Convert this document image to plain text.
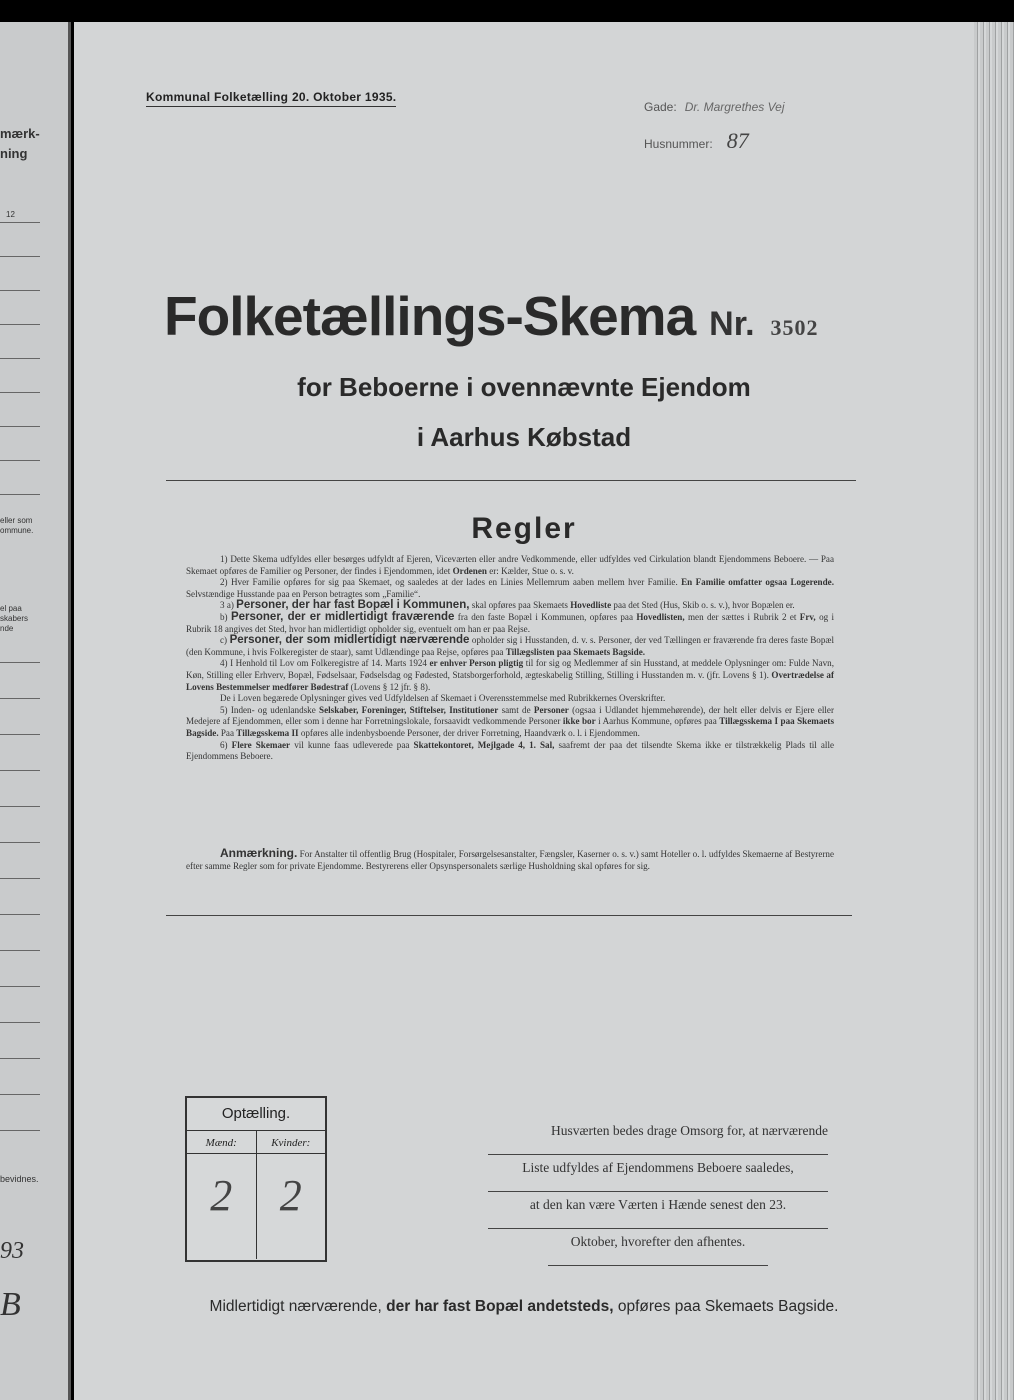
mærk-
ning
12
eller som
ommune.
el paa
skabers
nde
bevidnes.
93
B
Kommunal Folketælling 20. Oktober 1935.
Gade: Dr. Margrethes Vej
Husnummer: 87
Folketællings-Skema Nr. 3502
for Beboerne i ovennævnte Ejendom
i Aarhus Købstad
Regler

1) Dette Skema udfyldes eller besørges udfyldt af Ejeren, Viceværten eller andre Vedkommende, eller udfyldes ved Cirkulation blandt Ejendommens Beboere. — Paa Skemaet opføres de Familier og Personer, der findes i Ejendommen, idet Ordenen er: Kælder, Stue o. s. v.

2) Hver Familie opføres for sig paa Skemaet, og saaledes at der lades en Linies Mellemrum aaben mellem hver Familie. En Familie omfatter ogsaa Logerende. Selvstændige Husstande paa en Person betragtes som „Familie“.

3 a) Personer, der har fast Bopæl i Kommunen, skal opføres paa Skemaets Hovedliste paa det Sted (Hus, Skib o. s. v.), hvor Bopælen er.

b) Personer, der er midlertidigt fraværende fra den faste Bopæl i Kommunen, opføres paa Hovedlisten, men der sættes i Rubrik 2 et Frv, og i Rubrik 18 angives det Sted, hvor han midlertidigt opholder sig, eventuelt om han er paa Rejse.

c) Personer, der som midlertidigt nærværende opholder sig i Husstanden, d. v. s. Personer, der ved Tællingen er fraværende fra deres faste Bopæl (den Kommune, i hvis Folkeregister de staar), samt Udlændinge paa Rejse, opføres paa Tillægslisten paa Skemaets Bagside.

4) I Henhold til Lov om Folkeregistre af 14. Marts 1924 er enhver Person pligtig til for sig og Medlemmer af sin Husstand, at meddele Oplysninger om: Fulde Navn, Køn, Stilling eller Erhverv, Bopæl, Fødselsaar, Fødselsdag og Fødested, Statsborgerforhold, ægteskabelig Stilling, Stilling i Husstanden m. v. (jfr. Lovens § 1). Overtrædelse af Lovens Bestemmelser medfører Bødestraf (Lovens § 12 jfr. § 8).

De i Loven begærede Oplysninger gives ved Udfyldelsen af Skemaet i Overensstemmelse med Rubrikkernes Overskrifter.

5) Inden- og udenlandske Selskaber, Foreninger, Stiftelser, Institutioner samt de Personer (ogsaa i Udlandet hjemmehørende), der helt eller delvis er Ejere eller Medejere af Ejendommen, eller som i denne har Forretningslokale, forsaavidt vedkommende Personer ikke bor i Aarhus Kommune, opføres paa Tillægsskema I paa Skemaets Bagside. Paa Tillægsskema II opføres alle indenbysboende Personer, der driver Forretning, Haandværk o. l. i Ejendommen.

6) Flere Skemaer vil kunne faas udleverede paa Skattekontoret, Mejlgade 4, 1. Sal, saafremt der paa det tilsendte Skema ikke er tilstrækkelig Plads til alle Ejendommens Beboere.

Anmærkning. For Anstalter til offentlig Brug (Hospitaler, Forsørgelsesanstalter, Fængsler, Kaserner o. s. v.) samt Hoteller o. l. udfyldes Skemaerne af Bestyrerne efter samme Regler som for private Ejendomme. Bestyrerens eller Opsynspersonalets særlige Husholdning skal opføres for sig.

Optælling.
Mænd:
2
Kvinder:
2
Husværten bedes drage Omsorg for, at nærværende
Liste udfyldes af Ejendommens Beboere saaledes,
at den kan være Værten i Hænde senest den 23.
Oktober, hvorefter den afhentes.
Midlertidigt nærværende, der har fast Bopæl andetsteds, opføres paa Skemaets Bagside.
